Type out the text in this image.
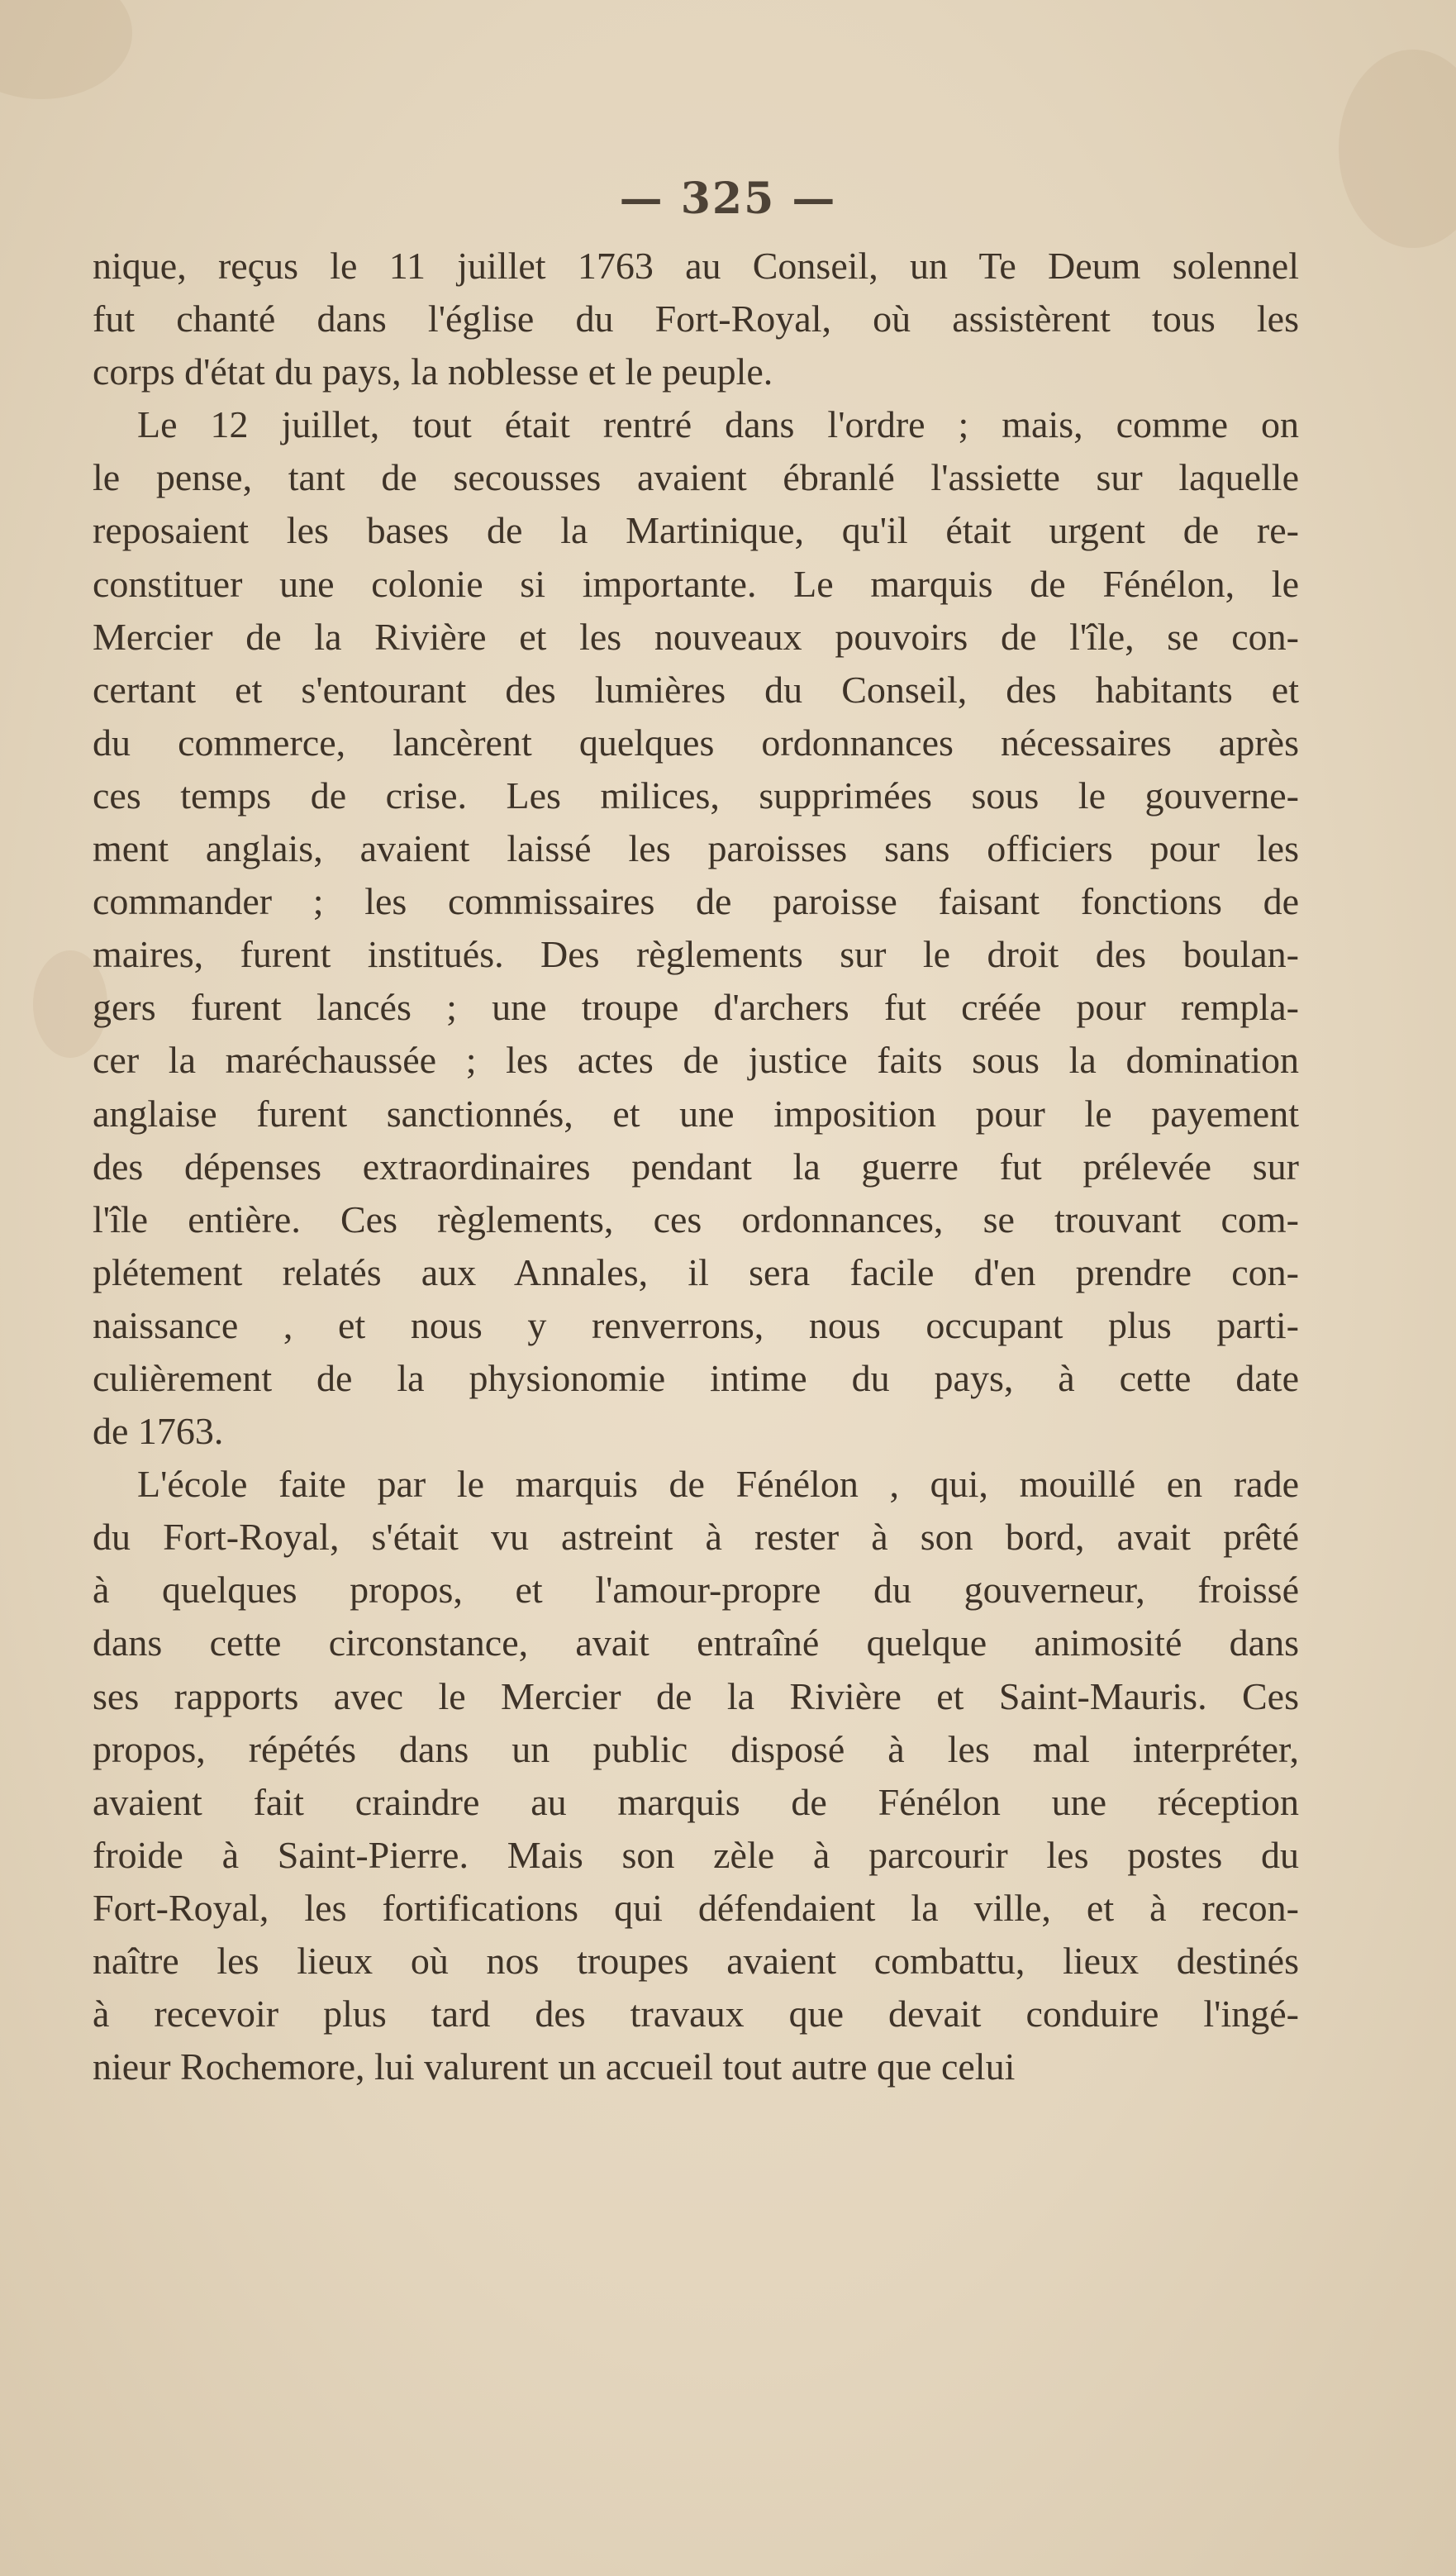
— 325 —
nique, reçus le 11 juillet 1763 au Conseil, un Te Deum solennel
fut chanté dans l'église du Fort-Royal, où assistèrent tous les
corps d'état du pays, la noblesse et le peuple.
Le 12 juillet, tout était rentré dans l'ordre ; mais, comme on
le pense, tant de secousses avaient ébranlé l'assiette sur laquelle
reposaient les bases de la Martinique, qu'il était urgent de re-
constituer une colonie si importante. Le marquis de Fénélon, le
Mercier de la Rivière et les nouveaux pouvoirs de l'île, se con-
certant et s'entourant des lumières du Conseil, des habitants et
du commerce, lancèrent quelques ordonnances nécessaires après
ces temps de crise. Les milices, supprimées sous le gouverne-
ment anglais, avaient laissé les paroisses sans officiers pour les
commander ; les commissaires de paroisse faisant fonctions de
maires, furent institués. Des règlements sur le droit des boulan-
gers furent lancés ; une troupe d'archers fut créée pour rempla-
cer la maréchaussée ; les actes de justice faits sous la domination
anglaise furent sanctionnés, et une imposition pour le payement
des dépenses extraordinaires pendant la guerre fut prélevée sur
l'île entière. Ces règlements, ces ordonnances, se trouvant com-
plétement relatés aux Annales, il sera facile d'en prendre con-
naissance , et nous y renverrons, nous occupant plus parti-
culièrement de la physionomie intime du pays, à cette date
de 1763.
L'école faite par le marquis de Fénélon , qui, mouillé en rade
du Fort-Royal, s'était vu astreint à rester à son bord, avait prêté
à quelques propos, et l'amour-propre du gouverneur, froissé
dans cette circonstance, avait entraîné quelque animosité dans
ses rapports avec le Mercier de la Rivière et Saint-Mauris. Ces
propos, répétés dans un public disposé à les mal interpréter,
avaient fait craindre au marquis de Fénélon une réception
froide à Saint-Pierre. Mais son zèle à parcourir les postes du
Fort-Royal, les fortifications qui défendaient la ville, et à recon-
naître les lieux où nos troupes avaient combattu, lieux destinés
à recevoir plus tard des travaux que devait conduire l'ingé-
nieur Rochemore, lui valurent un accueil tout autre que celui
